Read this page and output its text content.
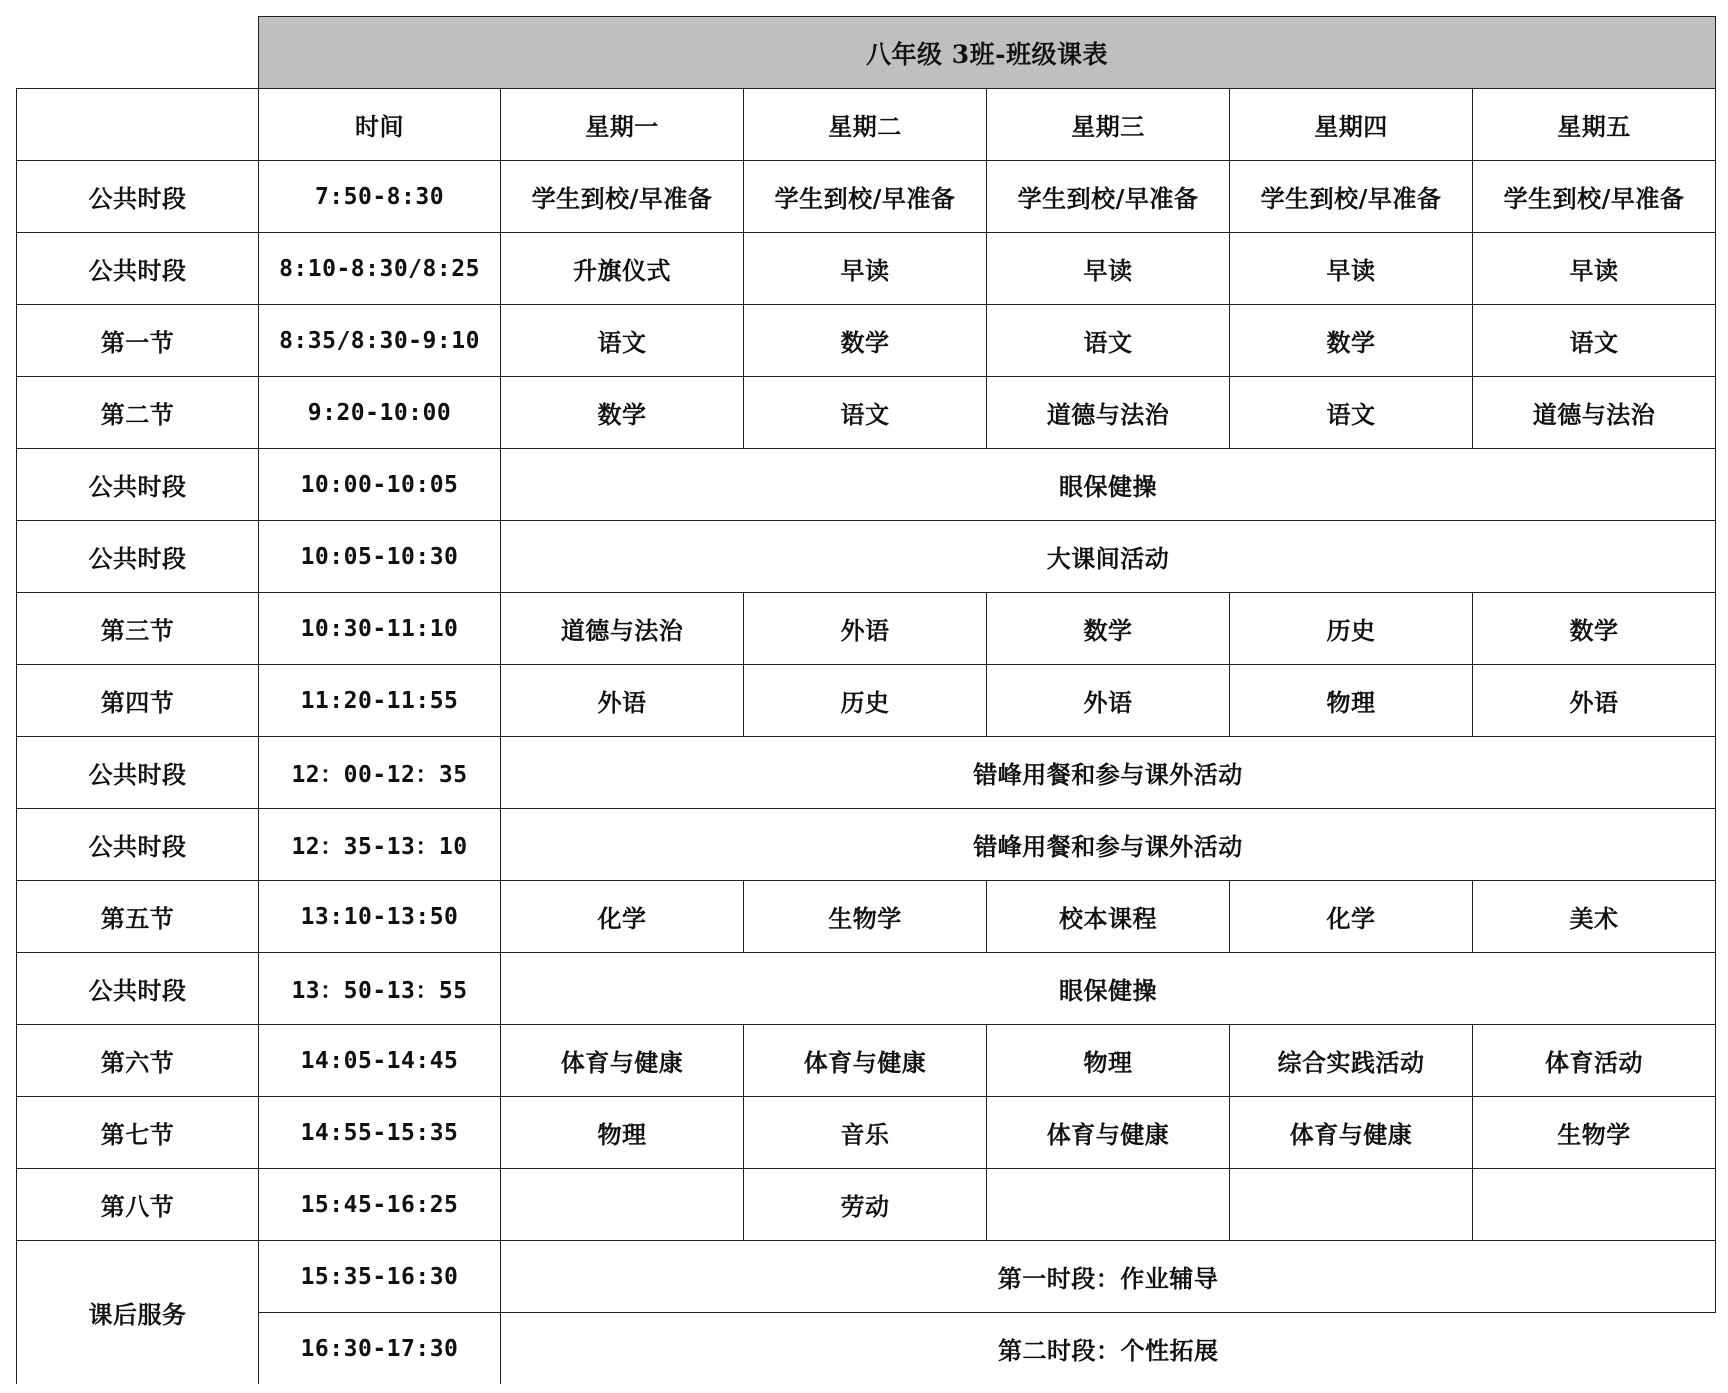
	八年级 3班-班级课表					
	时间	星期一	星期二	星期三	星期四	星期五
公共时段	7:50-8:30	学生到校/早准备	学生到校/早准备	学生到校/早准备	学生到校/早准备	学生到校/早准备
公共时段	8:10-8:30/8:25	升旗仪式	早读	早读	早读	早读
第一节	8:35/8:30-9:10	语文	数学	语文	数学	语文
第二节	9:20-10:00	数学	语文	道德与法治	语文	道德与法治
公共时段	10:00-10:05	眼保健操				
公共时段	10:05-10:30	大课间活动				
第三节	10:30-11:10	道德与法治	外语	数学	历史	数学
第四节	11:20-11:55	外语	历史	外语	物理	外语
公共时段	12：00-12：35	错峰用餐和参与课外活动				
公共时段	12：35-13：10	错峰用餐和参与课外活动				
第五节	13:10-13:50	化学	生物学	校本课程	化学	美术
公共时段	13：50-13：55	眼保健操				
第六节	14:05-14:45	体育与健康	体育与健康	物理	综合实践活动	体育活动
第七节	14:55-15:35	物理	音乐	体育与健康	体育与健康	生物学
第八节	15:45-16:25		劳动			
课后服务	15:35-16:30	第一时段：作业辅导				
	16:30-17:30	第二时段：个性拓展				
